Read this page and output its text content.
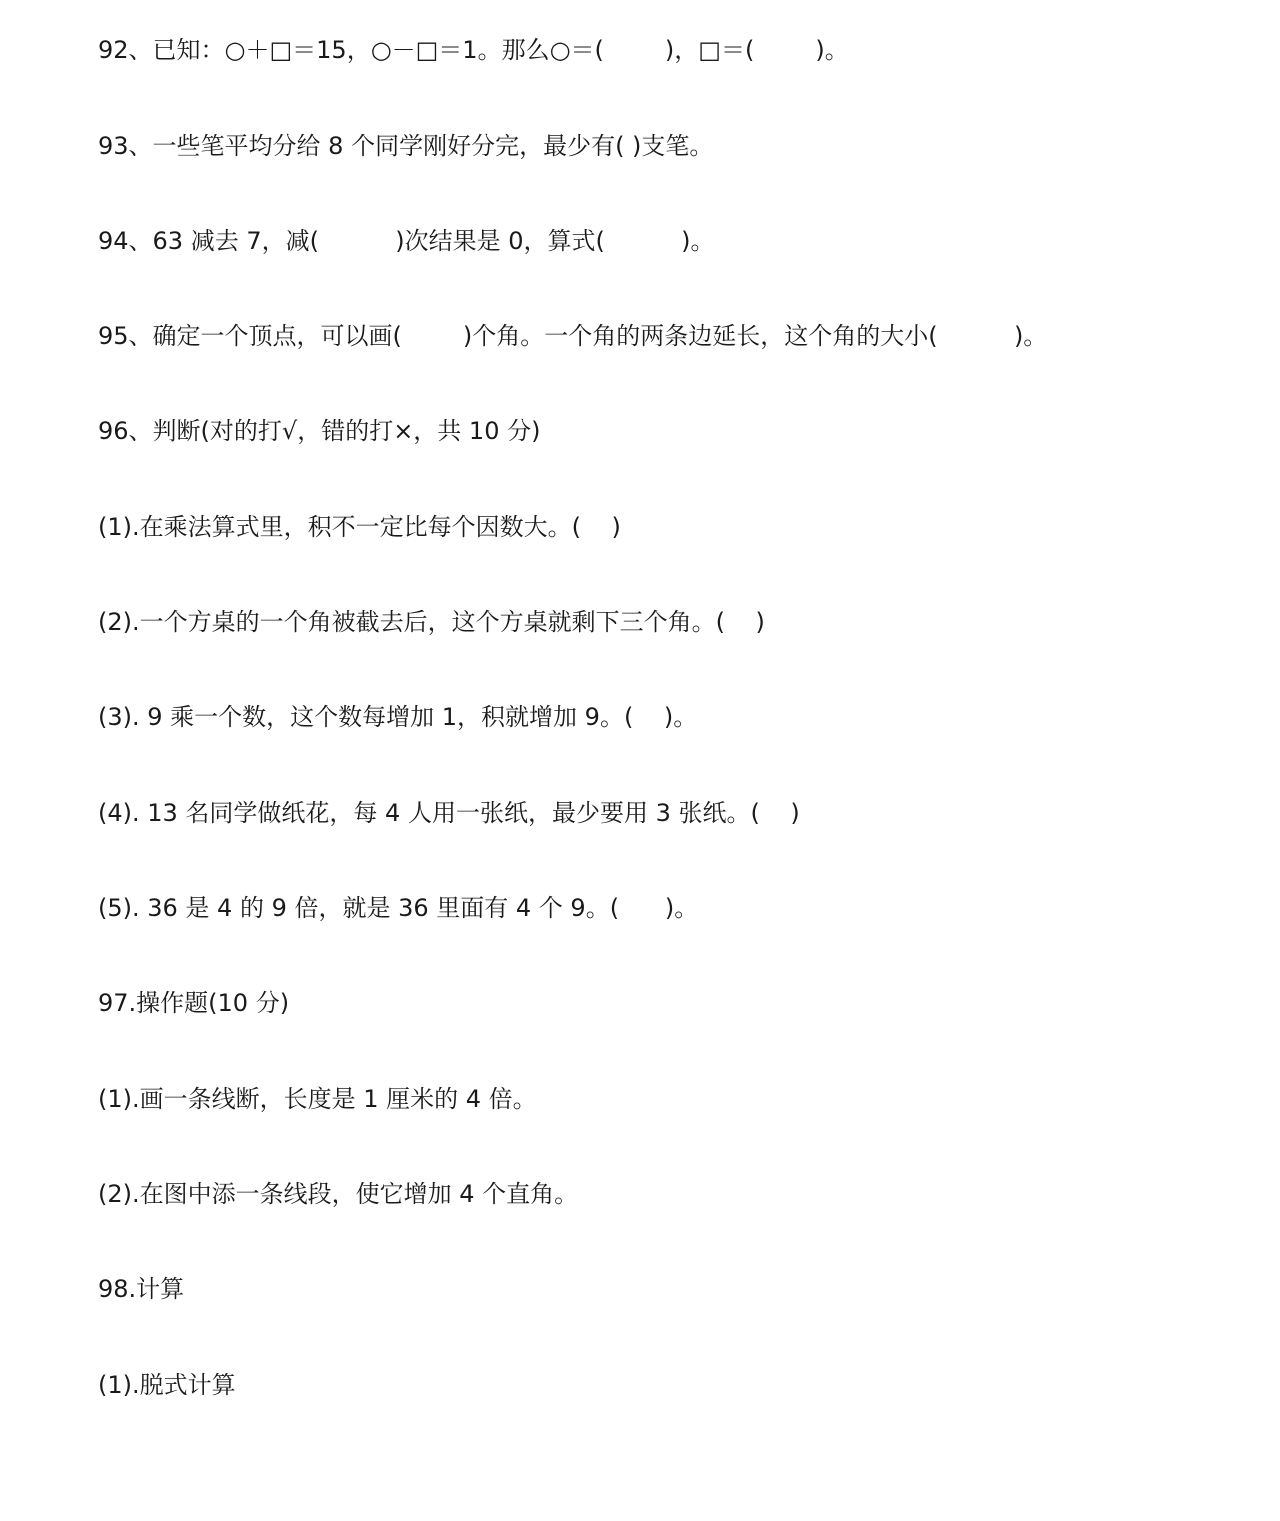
92、已知：○＋□＝15，○－□＝1。那么○＝(        )，□＝(        )。
93、一些笔平均分给 8 个同学刚好分完，最少有( )支笔。
94、63 减去 7，减(          )次结果是 0，算式(          )。
95、确定一个顶点，可以画(        )个角。一个角的两条边延长，这个角的大小(          )。
96、判断(对的打√，错的打×，共 10 分)
(1).在乘法算式里，积不一定比每个因数大。(    )
(2).一个方桌的一个角被截去后，这个方桌就剩下三个角。(    )
(3). 9 乘一个数，这个数每增加 1，积就增加 9。(    )。
(4). 13 名同学做纸花，每 4 人用一张纸，最少要用 3 张纸。(    )
(5). 36 是 4 的 9 倍，就是 36 里面有 4 个 9。(      )。
97.操作题(10 分)
(1).画一条线断，长度是 1 厘米的 4 倍。
(2).在图中添一条线段，使它增加 4 个直角。
98.计算
(1).脱式计算
